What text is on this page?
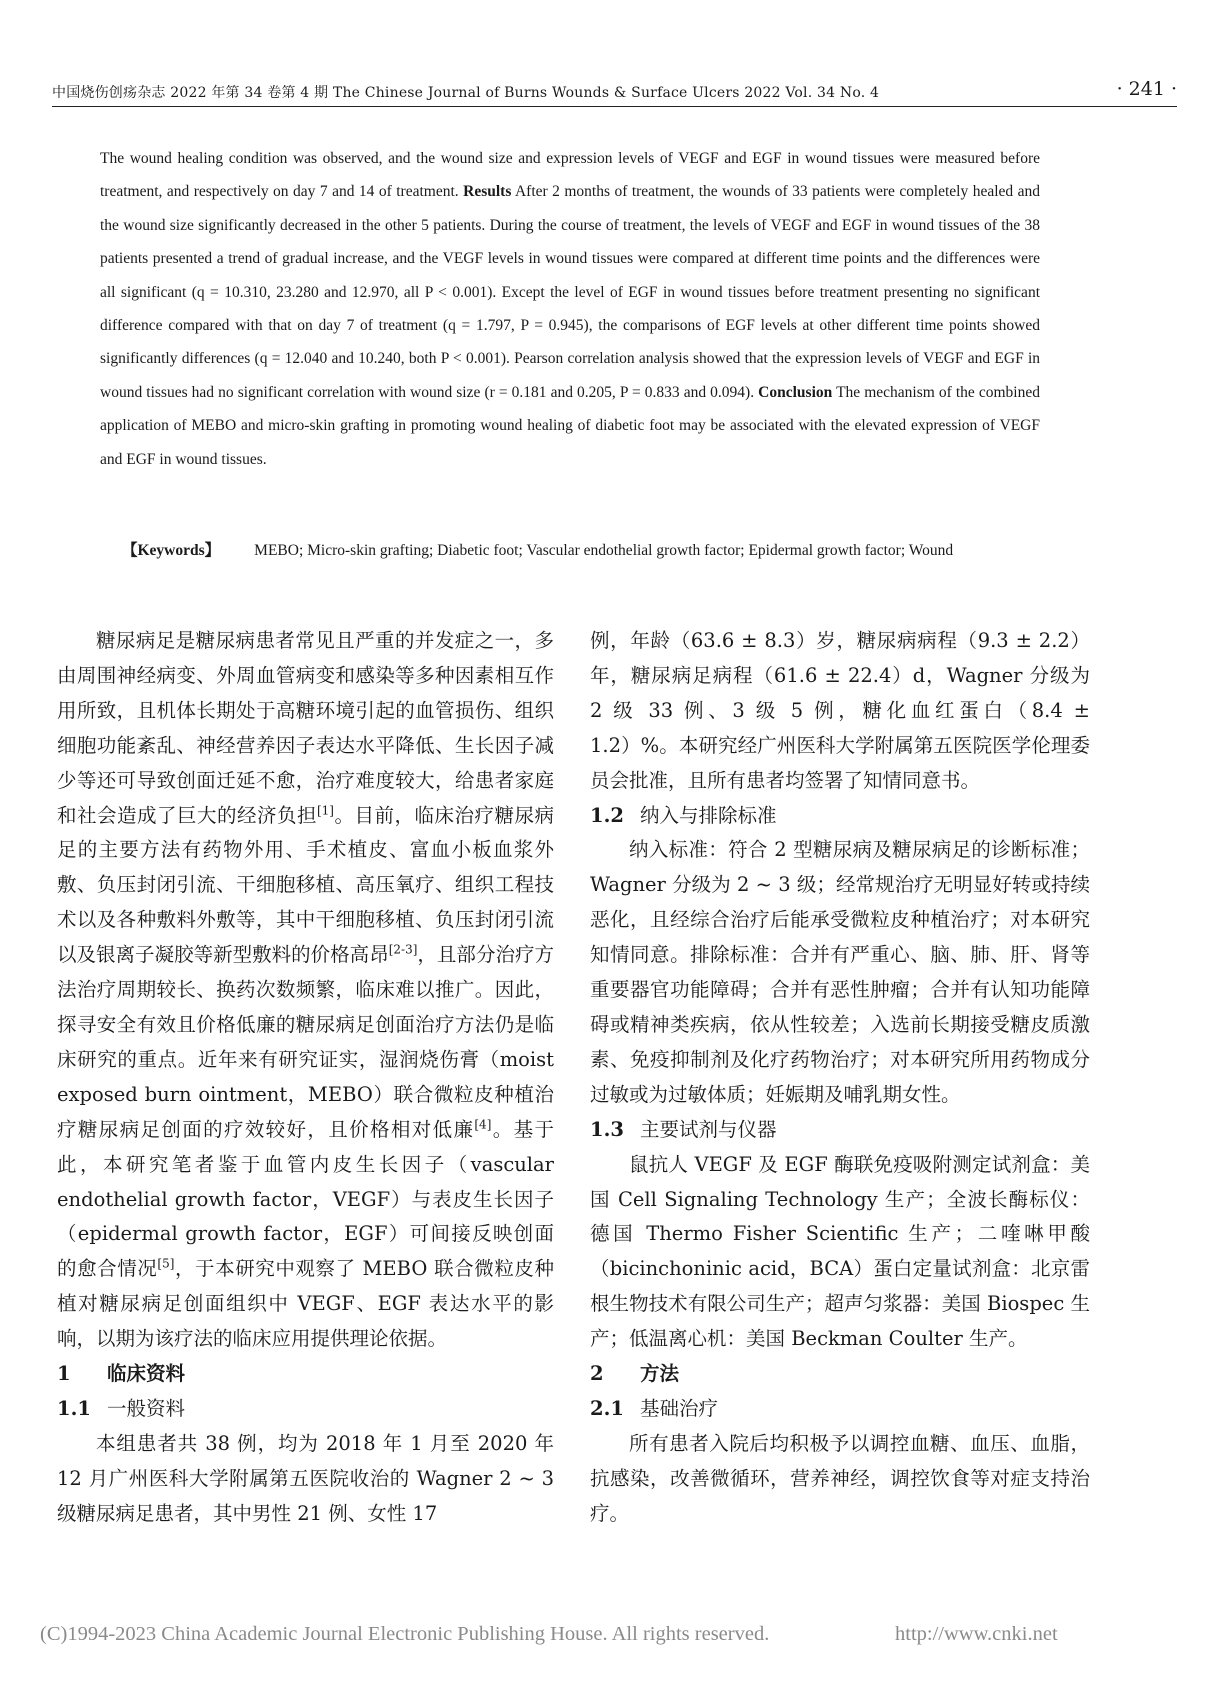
中国烧伤创疡杂志 2022 年第 34 卷第 4 期 The Chinese Journal of Burns Wounds & Surface Ulcers 2022 Vol. 34 No. 4	· 241 ·

The wound healing condition was observed, and the wound size and expression levels of VEGF and EGF in wound tissues were measured before treatment, and respectively on day 7 and 14 of treatment. Results After 2 months of treatment, the wounds of 33 patients were completely healed and the wound size significantly decreased in the other 5 patients. During the course of treatment, the levels of VEGF and EGF in wound tissues of the 38 patients presented a trend of gradual increase, and the VEGF levels in wound tissues were compared at different time points and the differences were all significant (q = 10.310, 23.280 and 12.970, all P < 0.001). Except the level of EGF in wound tissues before treatment presenting no significant difference compared with that on day 7 of treatment (q = 1.797, P = 0.945), the comparisons of EGF levels at other different time points showed significantly differences (q = 12.040 and 10.240, both P < 0.001). Pearson correlation analysis showed that the expression levels of VEGF and EGF in wound tissues had no significant correlation with wound size (r = 0.181 and 0.205, P = 0.833 and 0.094). Conclusion The mechanism of the combined application of MEBO and micro-skin grafting in promoting wound healing of diabetic foot may be associated with the elevated expression of VEGF and EGF in wound tissues.

【Keywords】 MEBO; Micro-skin grafting; Diabetic foot; Vascular endothelial growth factor; Epidermal growth factor; Wound

糖尿病足是糖尿病患者常见且严重的并发症之一，多由周围神经病变、外周血管病变和感染等多种因素相互作用所致，且机体长期处于高糖环境引起的血管损伤、组织细胞功能紊乱、神经营养因子表达水平降低、生长因子减少等还可导致创面迁延不愈，治疗难度较大，给患者家庭和社会造成了巨大的经济负担[1]。目前，临床治疗糖尿病足的主要方法有药物外用、手术植皮、富血小板血浆外敷、负压封闭引流、干细胞移植、高压氧疗、组织工程技术以及各种敷料外敷等，其中干细胞移植、负压封闭引流以及银离子凝胶等新型敷料的价格高昂[2-3]，且部分治疗方法治疗周期较长、换药次数频繁，临床难以推广。因此，探寻安全有效且价格低廉的糖尿病足创面治疗方法仍是临床研究的重点。近年来有研究证实，湿润烧伤膏（moist exposed burn ointment，MEBO）联合微粒皮种植治疗糖尿病足创面的疗效较好，且价格相对低廉[4]。基于此，本研究笔者鉴于血管内皮生长因子（vascular endothelial growth factor，VEGF）与表皮生长因子（epidermal growth factor，EGF）可间接反映创面的愈合情况[5]，于本研究中观察了 MEBO 联合微粒皮种植对糖尿病足创面组织中 VEGF、EGF 表达水平的影响，以期为该疗法的临床应用提供理论依据。

1 临床资料
1.1 一般资料

本组患者共 38 例，均为 2018 年 1 月至 2020 年 12 月广州医科大学附属第五医院收治的 Wagner 2 ~ 3 级糖尿病足患者，其中男性 21 例、女性 17

例，年龄（63.6 ± 8.3）岁，糖尿病病程（9.3 ± 2.2）年，糖尿病足病程（61.6 ± 22.4）d，Wagner 分级为 2 级 33 例、3 级 5 例，糖化血红蛋白（8.4 ± 1.2）%。本研究经广州医科大学附属第五医院医学伦理委员会批准，且所有患者均签署了知情同意书。

1.2 纳入与排除标准

纳入标准：符合 2 型糖尿病及糖尿病足的诊断标准；Wagner 分级为 2 ~ 3 级；经常规治疗无明显好转或持续恶化，且经综合治疗后能承受微粒皮种植治疗；对本研究知情同意。排除标准：合并有严重心、脑、肺、肝、肾等重要器官功能障碍；合并有恶性肿瘤；合并有认知功能障碍或精神类疾病，依从性较差；入选前长期接受糖皮质激素、免疫抑制剂及化疗药物治疗；对本研究所用药物成分过敏或为过敏体质；妊娠期及哺乳期女性。

1.3 主要试剂与仪器

鼠抗人 VEGF 及 EGF 酶联免疫吸附测定试剂盒：美国 Cell Signaling Technology 生产；全波长酶标仪：德国 Thermo Fisher Scientific 生产；二喹啉甲酸（bicinchoninic acid，BCA）蛋白定量试剂盒：北京雷根生物技术有限公司生产；超声匀浆器：美国 Biospec 生产；低温离心机：美国 Beckman Coulter 生产。

2 方法
2.1 基础治疗

所有患者入院后均积极予以调控血糖、血压、血脂，抗感染，改善微循环，营养神经，调控饮食等对症支持治疗。

(C)1994-2023 China Academic Journal Electronic Publishing House. All rights reserved.	http://www.cnki.net
